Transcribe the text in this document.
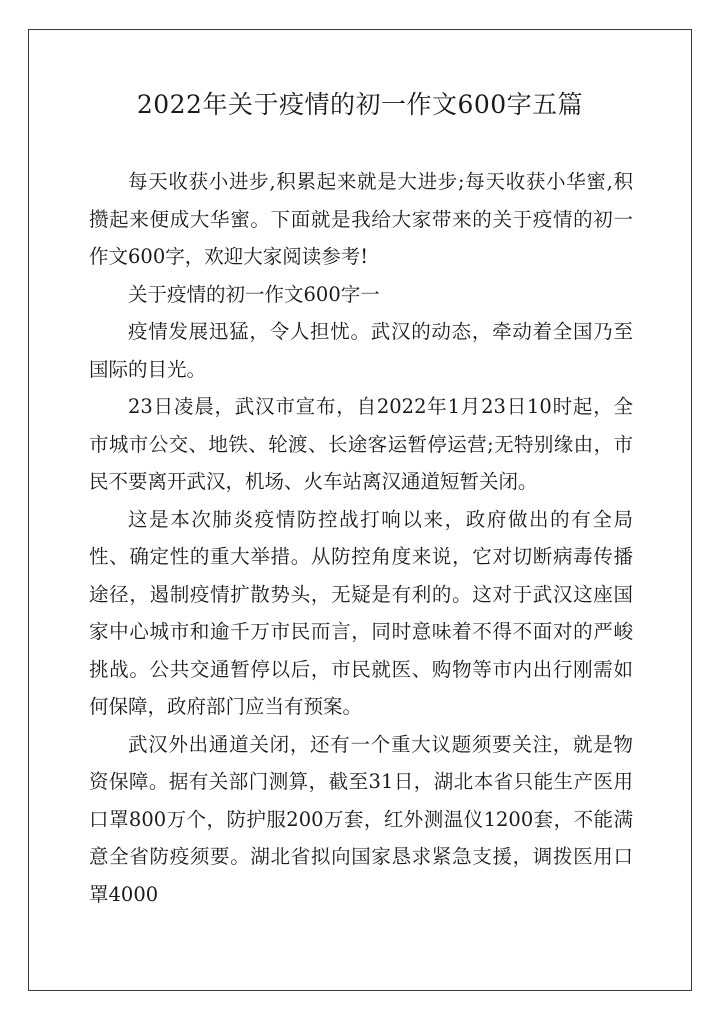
2022年关于疫情的初一作文600字五篇

每天收获小进步,积累起来就是大进步;每天收获小华蜜,积攒起来便成大华蜜。下面就是我给大家带来的关于疫情的初一作文600字，欢迎大家阅读参考!

关于疫情的初一作文600字一

疫情发展迅猛，令人担忧。武汉的动态，牵动着全国乃至国际的目光。

23日凌晨，武汉市宣布，自2022年1月23日10时起，全市城市公交、地铁、轮渡、长途客运暂停运营;无特别缘由，市民不要离开武汉，机场、火车站离汉通道短暂关闭。

这是本次肺炎疫情防控战打响以来，政府做出的有全局性、确定性的重大举措。从防控角度来说，它对切断病毒传播途径，遏制疫情扩散势头，无疑是有利的。这对于武汉这座国家中心城市和逾千万市民而言，同时意味着不得不面对的严峻挑战。公共交通暂停以后，市民就医、购物等市内出行刚需如何保障，政府部门应当有预案。

武汉外出通道关闭，还有一个重大议题须要关注，就是物资保障。据有关部门测算，截至31日，湖北本省只能生产医用口罩800万个，防护服200万套，红外测温仪1200套，不能满意全省防疫须要。湖北省拟向国家恳求紧急支援，调拨医用口罩4000
